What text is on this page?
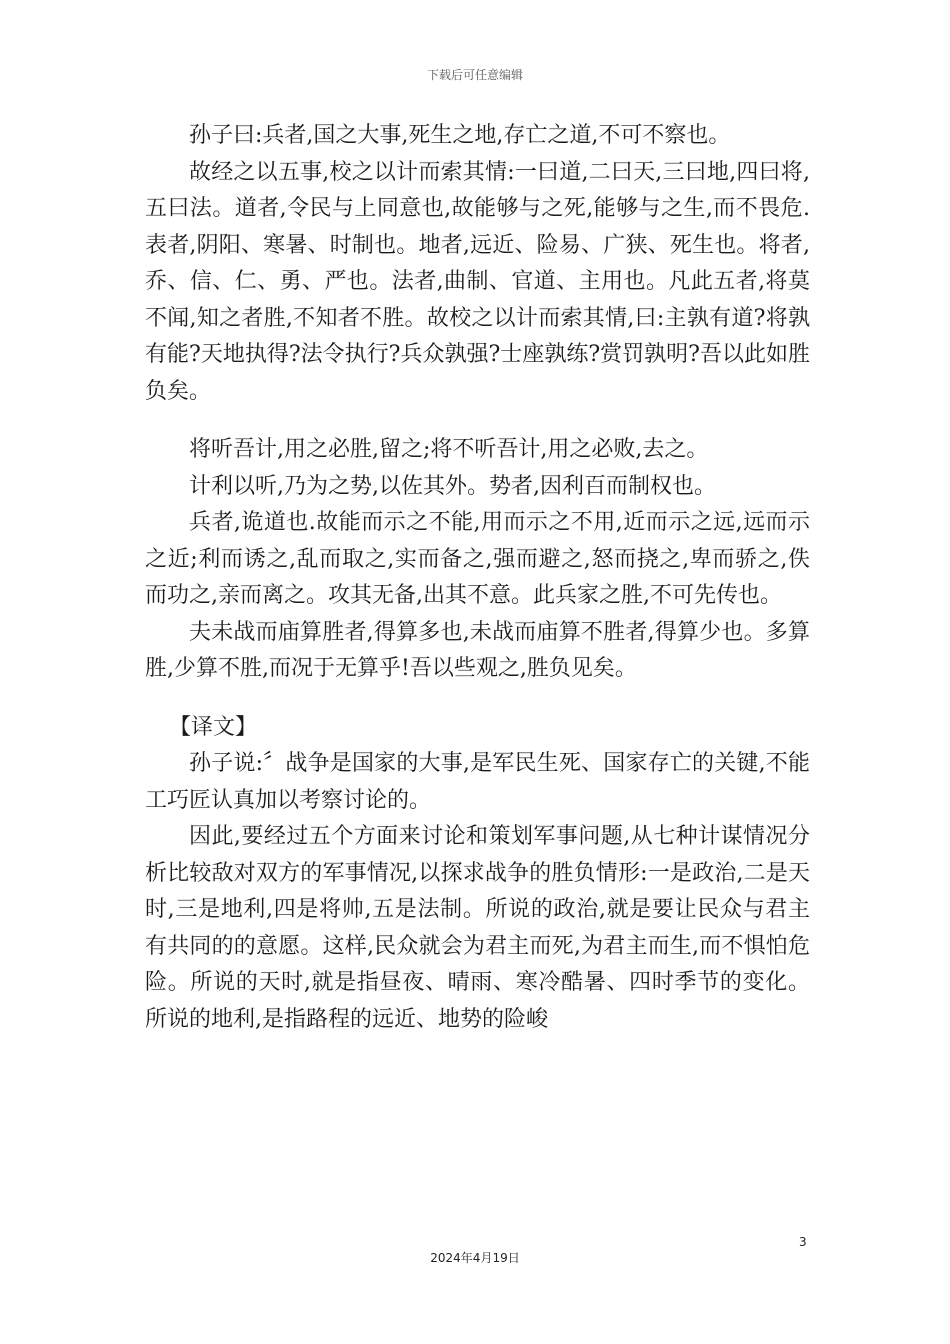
下载后可任意编辑

孙子曰:兵者,国之大事,死生之地,存亡之道,不可不察也。

故经之以五事,校之以计而索其情:一曰道,二曰天,三曰地,四曰将,五曰法。道者,令民与上同意也,故能够与之死,能够与之生,而不畏危.表者,阴阳、寒暑、时制也。地者,远近、险易、广狭、死生也。将者,乔、信、仁、勇、严也。法者,曲制、官道、主用也。凡此五者,将莫不闻,知之者胜,不知者不胜。故校之以计而索其情,曰:主孰有道?将孰有能?天地执得?法令执行?兵众孰强?士座孰练?赏罚孰明?吾以此如胜负矣。

将听吾计,用之必胜,留之;将不听吾计,用之必败,去之。

计利以听,乃为之势,以佐其外。势者,因利百而制权也。

兵者,诡道也.故能而示之不能,用而示之不用,近而示之远,远而示之近;利而诱之,乱而取之,实而备之,强而避之,怒而挠之,卑而骄之,佚而功之,亲而离之。攻其无备,出其不意。此兵家之胜,不可先传也。

夫未战而庙算胜者,得算多也,未战而庙算不胜者,得算少也。多算胜,少算不胜,而况于无算乎!吾以些观之,胜负见矣。

【译文】

孙子说:〞战争是国家的大事,是军民生死、国家存亡的关键,不能工巧匠认真加以考察讨论的。

因此,要经过五个方面来讨论和策划军事问题,从七种计谋情况分析比较敌对双方的军事情况,以探求战争的胜负情形:一是政治,二是天时,三是地利,四是将帅,五是法制。所说的政治,就是要让民众与君主有共同的的意愿。这样,民众就会为君主而死,为君主而生,而不惧怕危险。所说的天时,就是指昼夜、晴雨、寒冷酷暑、四时季节的变化。所说的地利,是指路程的远近、地势的险峻

3
2024年4月19日
